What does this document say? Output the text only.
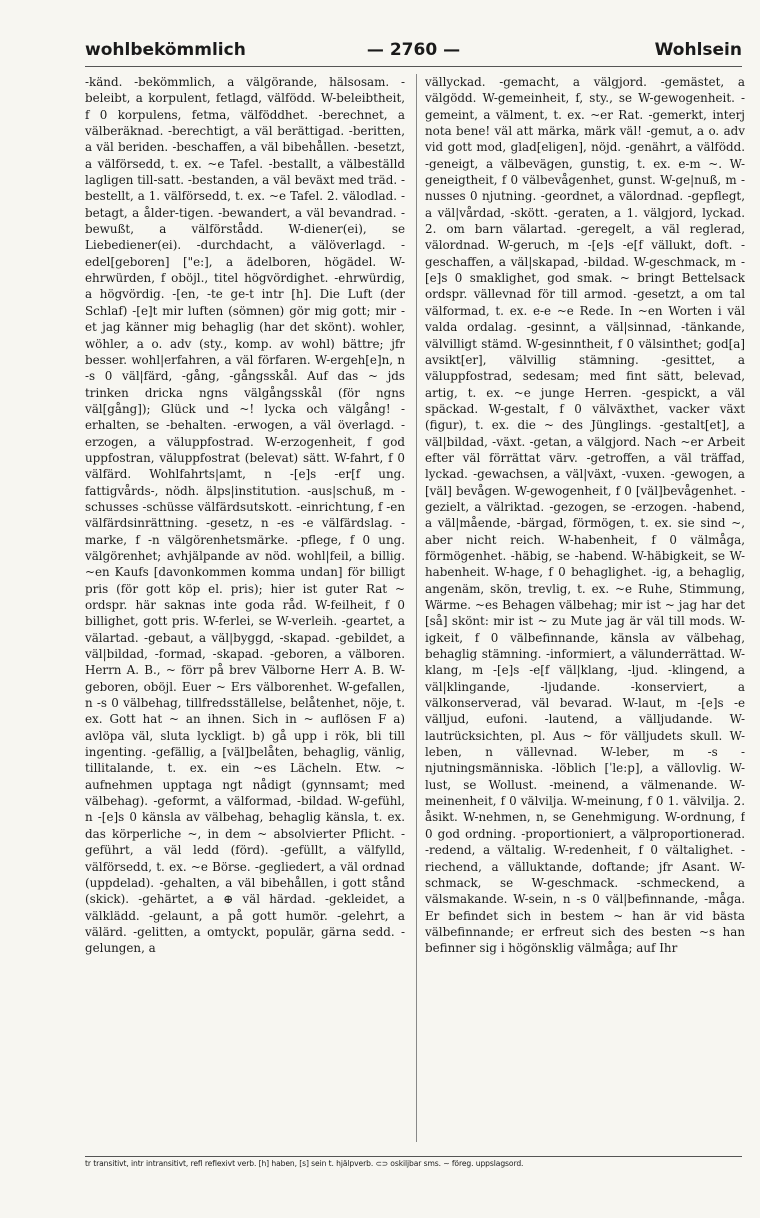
wohlbekömmlich	— 2760 —	Wohlsein

-känd. -bekömmlich, a välgörande, hälsosam. -beleibt, a korpulent, fetlagd, välfödd. W-beleibtheit, f 0 korpulens, fetma, välföddhet. -berechnet, a välberäknad. -berechtigt, a väl berättigad. -beritten, a väl beriden. -beschaffen, a väl bibehållen. -besetzt, a välförsedd, t. ex. ~e Tafel. -bestallt, a välbeställd lagligen till-satt. -bestanden, a väl beväxt med träd. -bestellt, a 1. välförsedd, t. ex. ~e Tafel. 2. välodlad. -betagt, a ålder-tigen. -bewandert, a väl bevandrad. -bewußt, a välförstådd. W-diener(ei), se Liebediener(ei). -durchdacht, a välöverlagd. -edel[geboren] ["e:], a ädelboren, högädel. W-ehrwürden, f oböjl., titel högvördighet. -ehrwürdig, a högvördig. -[en, -te ge-t intr [h]. Die Luft (der Schlaf) -[e]t mir luften (sömnen) gör mig gott; mir -et jag känner mig behaglig (har det skönt). wohler, wöhler, a o. adv (sty., komp. av wohl) bättre; jfr besser. wohl|erfahren, a väl förfaren. W-ergeh[e]n, n -s 0 väl|färd, -gång, -gångsskål. Auf das ~ jds trinken dricka ngns välgångsskål (för ngns väl[gång]); Glück und ~! lycka och välgång! -erhalten, se -behalten. -erwogen, a väl överlagd. -erzogen, a väluppfostrad. W-erzogenheit, f god uppfostran, väluppfostrat (belevat) sätt. W-fahrt, f 0 välfärd. Wohlfahrts|amt, n -[e]s -er[f ung. fattigvårds-, nödh. älps|institution. -aus|schuß, m -schusses -schüsse välfärdsutskott. -einrichtung, f -en välfärdsinrättning. -gesetz, n -es -e välfärdslag. -marke, f -n välgörenhetsmärke. -pflege, f 0 ung. välgörenhet; avhjälpande av nöd. wohl|feil, a billig. ~en Kaufs [davonkommen komma undan] för billigt pris (för gott köp el. pris); hier ist guter Rat ~ ordspr. här saknas inte goda råd. W-feilheit, f 0 billighet, gott pris. W-ferlei, se W-verleih. -geartet, a välartad. -gebaut, a väl|byggd, -skapad. -gebildet, a väl|bildad, -formad, -skapad. -geboren, a välboren. Herrn A. B., ~ förr på brev Välborne Herr A. B. W-geboren, oböjl. Euer ~ Ers välborenhet. W-gefallen, n -s 0 välbehag, tillfredsställelse, belåtenhet, nöje, t. ex. Gott hat ~ an ihnen. Sich in ~ auflösen F a) avlöpa väl, sluta lyckligt. b) gå upp i rök, bli till ingenting. -gefällig, a [väl]belåten, behaglig, vänlig, tillitalande, t. ex. ein ~es Lächeln. Etw. ~ aufnehmen upptaga ngt nådigt (gynnsamt; med välbehag). -geformt, a välformad, -bildad. W-gefühl, n -[e]s 0 känsla av välbehag, behaglig känsla, t. ex. das körperliche ~, in dem ~ absolvierter Pflicht. -geführt, a väl ledd (förd). -gefüllt, a välfylld, välförsedd, t. ex. ~e Börse. -gegliedert, a väl ordnad (uppdelad). -gehalten, a väl bibehållen, i gott stånd (skick). -gehärtet, a ⊕ väl härdad. -gekleidet, a välklädd. -gelaunt, a på gott humör. -gelehrt, a välärd. -gelitten, a omtyckt, populär, gärna sedd. -gelungen, a

vällyckad. -gemacht, a välgjord. -gemästet, a välgödd. W-gemeinheit, f, sty., se W-gewogenheit. -gemeint, a välment, t. ex. ~er Rat. -gemerkt, interj nota bene! väl att märka, märk väl! -gemut, a o. adv vid gott mod, glad[eligen], nöjd. -genährt, a välfödd. -geneigt, a välbevägen, gunstig, t. ex. e-m ~. W-geneigtheit, f 0 välbevågenhet, gunst. W-ge|nuß, m -nusses 0 njutning. -geordnet, a välordnad. -gepflegt, a väl|vårdad, -skött. -geraten, a 1. välgjord, lyckad. 2. om barn välartad. -geregelt, a väl reglerad, välordnad. W-geruch, m -[e]s -e[f vällukt, doft. -geschaffen, a väl|skapad, -bildad. W-geschmack, m -[e]s 0 smaklighet, god smak. ~ bringt Bettelsack ordspr. vällevnad för till armod. -gesetzt, a om tal välformad, t. ex. e-e ~e Rede. In ~en Worten i väl valda ordalag. -gesinnt, a väl|sinnad, -tänkande, välvilligt stämd. W-gesinntheit, f 0 välsinthet; god[a] avsikt[er], välvillig stämning. -gesittet, a väluppfostrad, sedesam; med fint sätt, belevad, artig, t. ex. ~e junge Herren. -gespickt, a väl späckad. W-gestalt, f 0 välväxthet, vacker växt (figur), t. ex. die ~ des Jünglings. -gestalt[et], a väl|bildad, -växt. -getan, a välgjord. Nach ~er Arbeit efter väl förrättat värv. -getroffen, a väl träffad, lyckad. -gewachsen, a väl|växt, -vuxen. -gewogen, a [väl] bevågen. W-gewogenheit, f 0 [väl]bevågenhet. -gezielt, a välriktad. -gezogen, se -erzogen. -habend, a väl|mående, -bärgad, förmögen, t. ex. sie sind ~, aber nicht reich. W-habenheit, f 0 välmåga, förmögenhet. -häbig, se -habend. W-häbigkeit, se W-habenheit. W-hage, f 0 behaglighet. -ig, a behaglig, angenäm, skön, trevlig, t. ex. ~e Ruhe, Stimmung, Wärme. ~es Behagen välbehag; mir ist ~ jag har det [så] skönt: mir ist ~ zu Mute jag är väl till mods. W-igkeit, f 0 välbefinnande, känsla av välbehag, behaglig stämning. -informiert, a välunderrättad. W-klang, m -[e]s -e[f väl|klang, -ljud. -klingend, a väl|klingande, -ljudande. -konserviert, a välkonserverad, väl bevarad. W-laut, m -[e]s -e välljud, eufoni. -lautend, a välljudande. W-lautrücksichten, pl. Aus ~ för välljudets skull. W-leben, n vällevnad. W-leber, m -s - njutningsmänniska. -löblich [ˈle:p], a vällovlig. W-lust, se Wollust. -meinend, a välmenande. W-meinenheit, f 0 välvilja. W-meinung, f 0 1. välvilja. 2. åsikt. W-nehmen, n, se Genehmigung. W-ordnung, f 0 god ordning. -proportioniert, a välproportionerad. -redend, a vältalig. W-redenheit, f 0 vältalighet. -riechend, a välluktande, doftande; jfr Asant. W-schmack, se W-geschmack. -schmeckend, a välsmakande. W-sein, n -s 0 väl|befinnande, -måga. Er befindet sich in bestem ~ han är vid bästa välbefinnande; er erfreut sich des besten ~s han befinner sig i högönsklig välmåga; auf Ihr

tr transitivt, intr intransitivt, refl reflexivt verb. [h] haben, [s] sein t. hjälpverb. ⊂⊃ oskiljbar sms. ~ föreg. uppslagsord.
